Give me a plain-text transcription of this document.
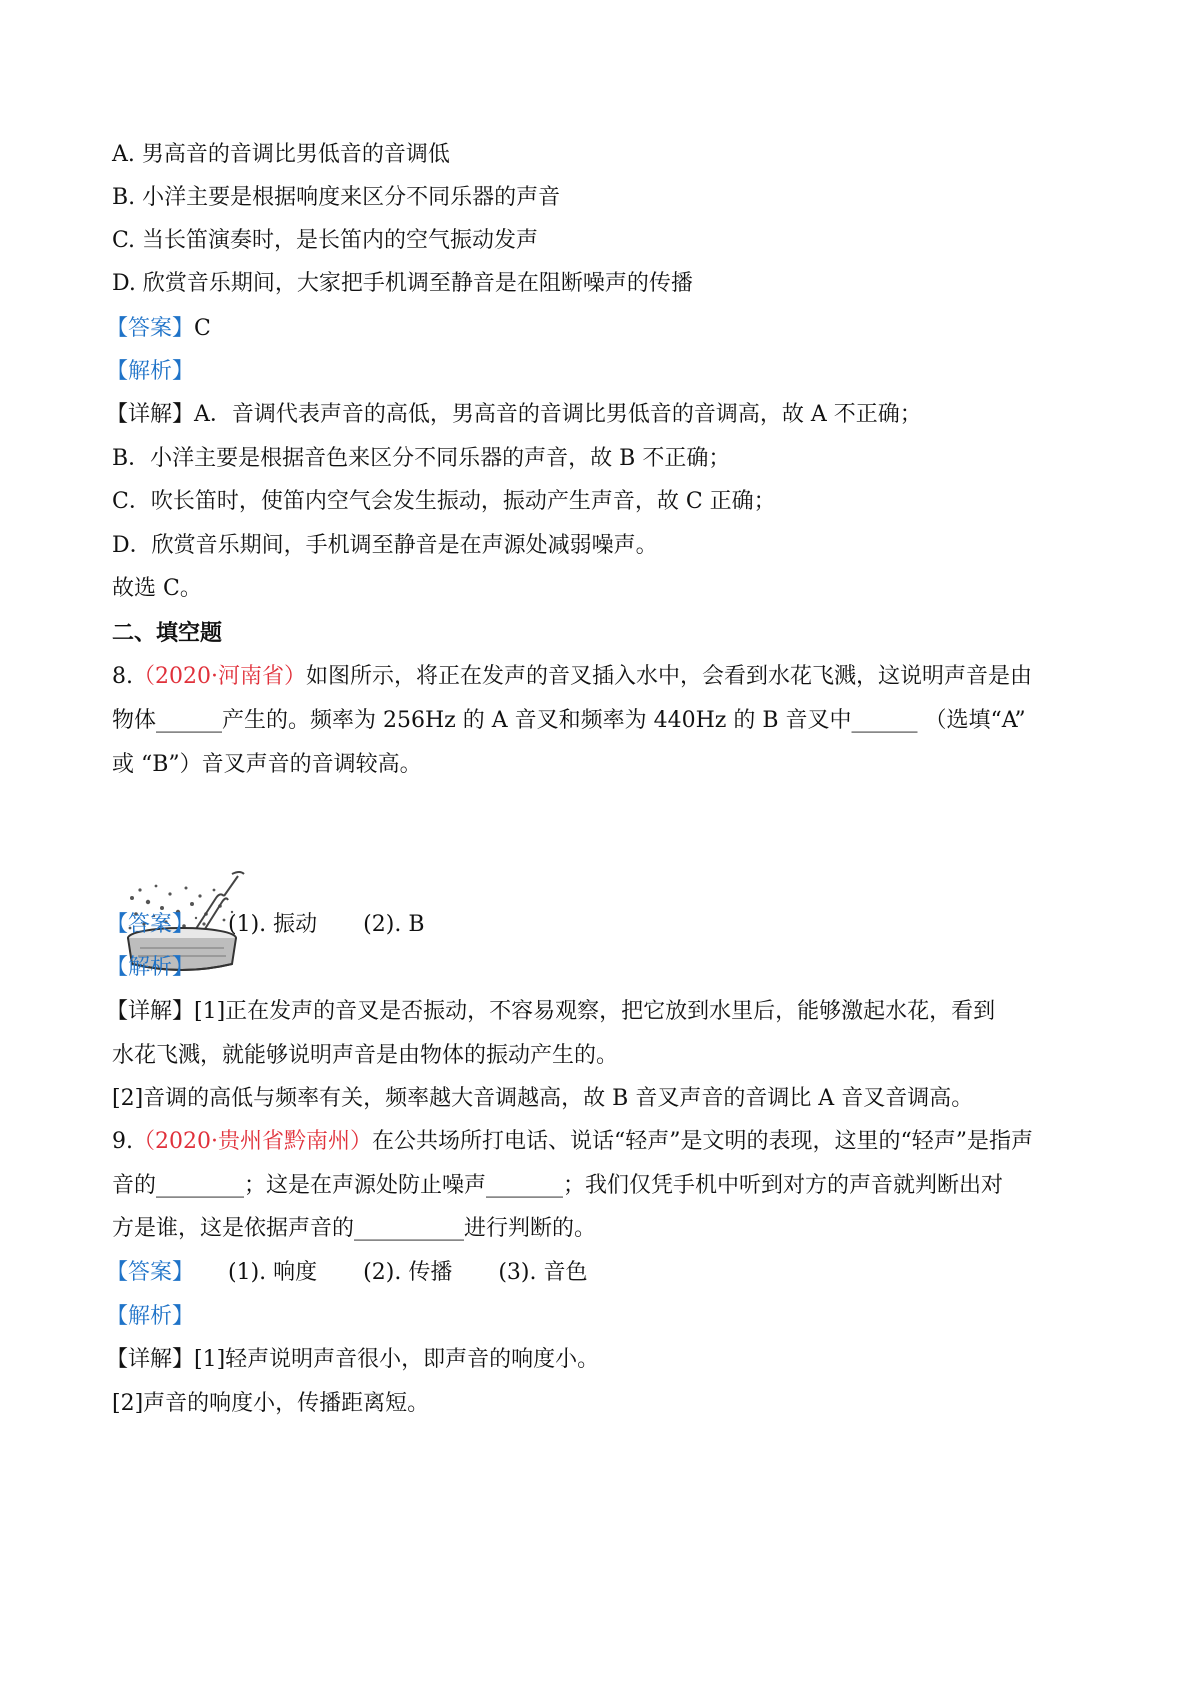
A. 男高音的音调比男低音的音调低
B. 小洋主要是根据响度来区分不同乐器的声音
C. 当长笛演奏时，是长笛内的空气振动发声
D. 欣赏音乐期间，大家把手机调至静音是在阻断噪声的传播
【答案】C
【解析】
【详解】A．音调代表声音的高低，男高音的音调比男低音的音调高，故 A 不正确；
B．小洋主要是根据音色来区分不同乐器的声音，故 B 不正确；
C．吹长笛时，使笛内空气会发生振动，振动产生声音，故 C 正确；
D．欣赏音乐期间，手机调至静音是在声源处减弱噪声。
故选 C。
二、填空题
8.（2020·河南省）如图所示，将正在发声的音叉插入水中，会看到水花飞溅，这说明声音是由
物体______产生的。频率为 256Hz 的 A 音叉和频率为 440Hz 的 B 音叉中______ （选填“A”
或 “B”）音叉声音的音调较高。
【答案】 (1). 振动 (2). B
【解析】
【详解】[1]正在发声的音叉是否振动，不容易观察，把它放到水里后，能够激起水花，看到
水花飞溅，就能够说明声音是由物体的振动产生的。
[2]音调的高低与频率有关，频率越大音调越高，故 B 音叉声音的音调比 A 音叉音调高。
9.（2020·贵州省黔南州）在公共场所打电话、说话“轻声”是文明的表现，这里的“轻声”是指声
音的________；这是在声源处防止噪声_______；我们仅凭手机中听到对方的声音就判断出对
方是谁，这是依据声音的__________进行判断的。
【答案】 (1). 响度 (2). 传播 (3). 音色
【解析】
【详解】[1]轻声说明声音很小，即声音的响度小。
[2]声音的响度小，传播距离短。
